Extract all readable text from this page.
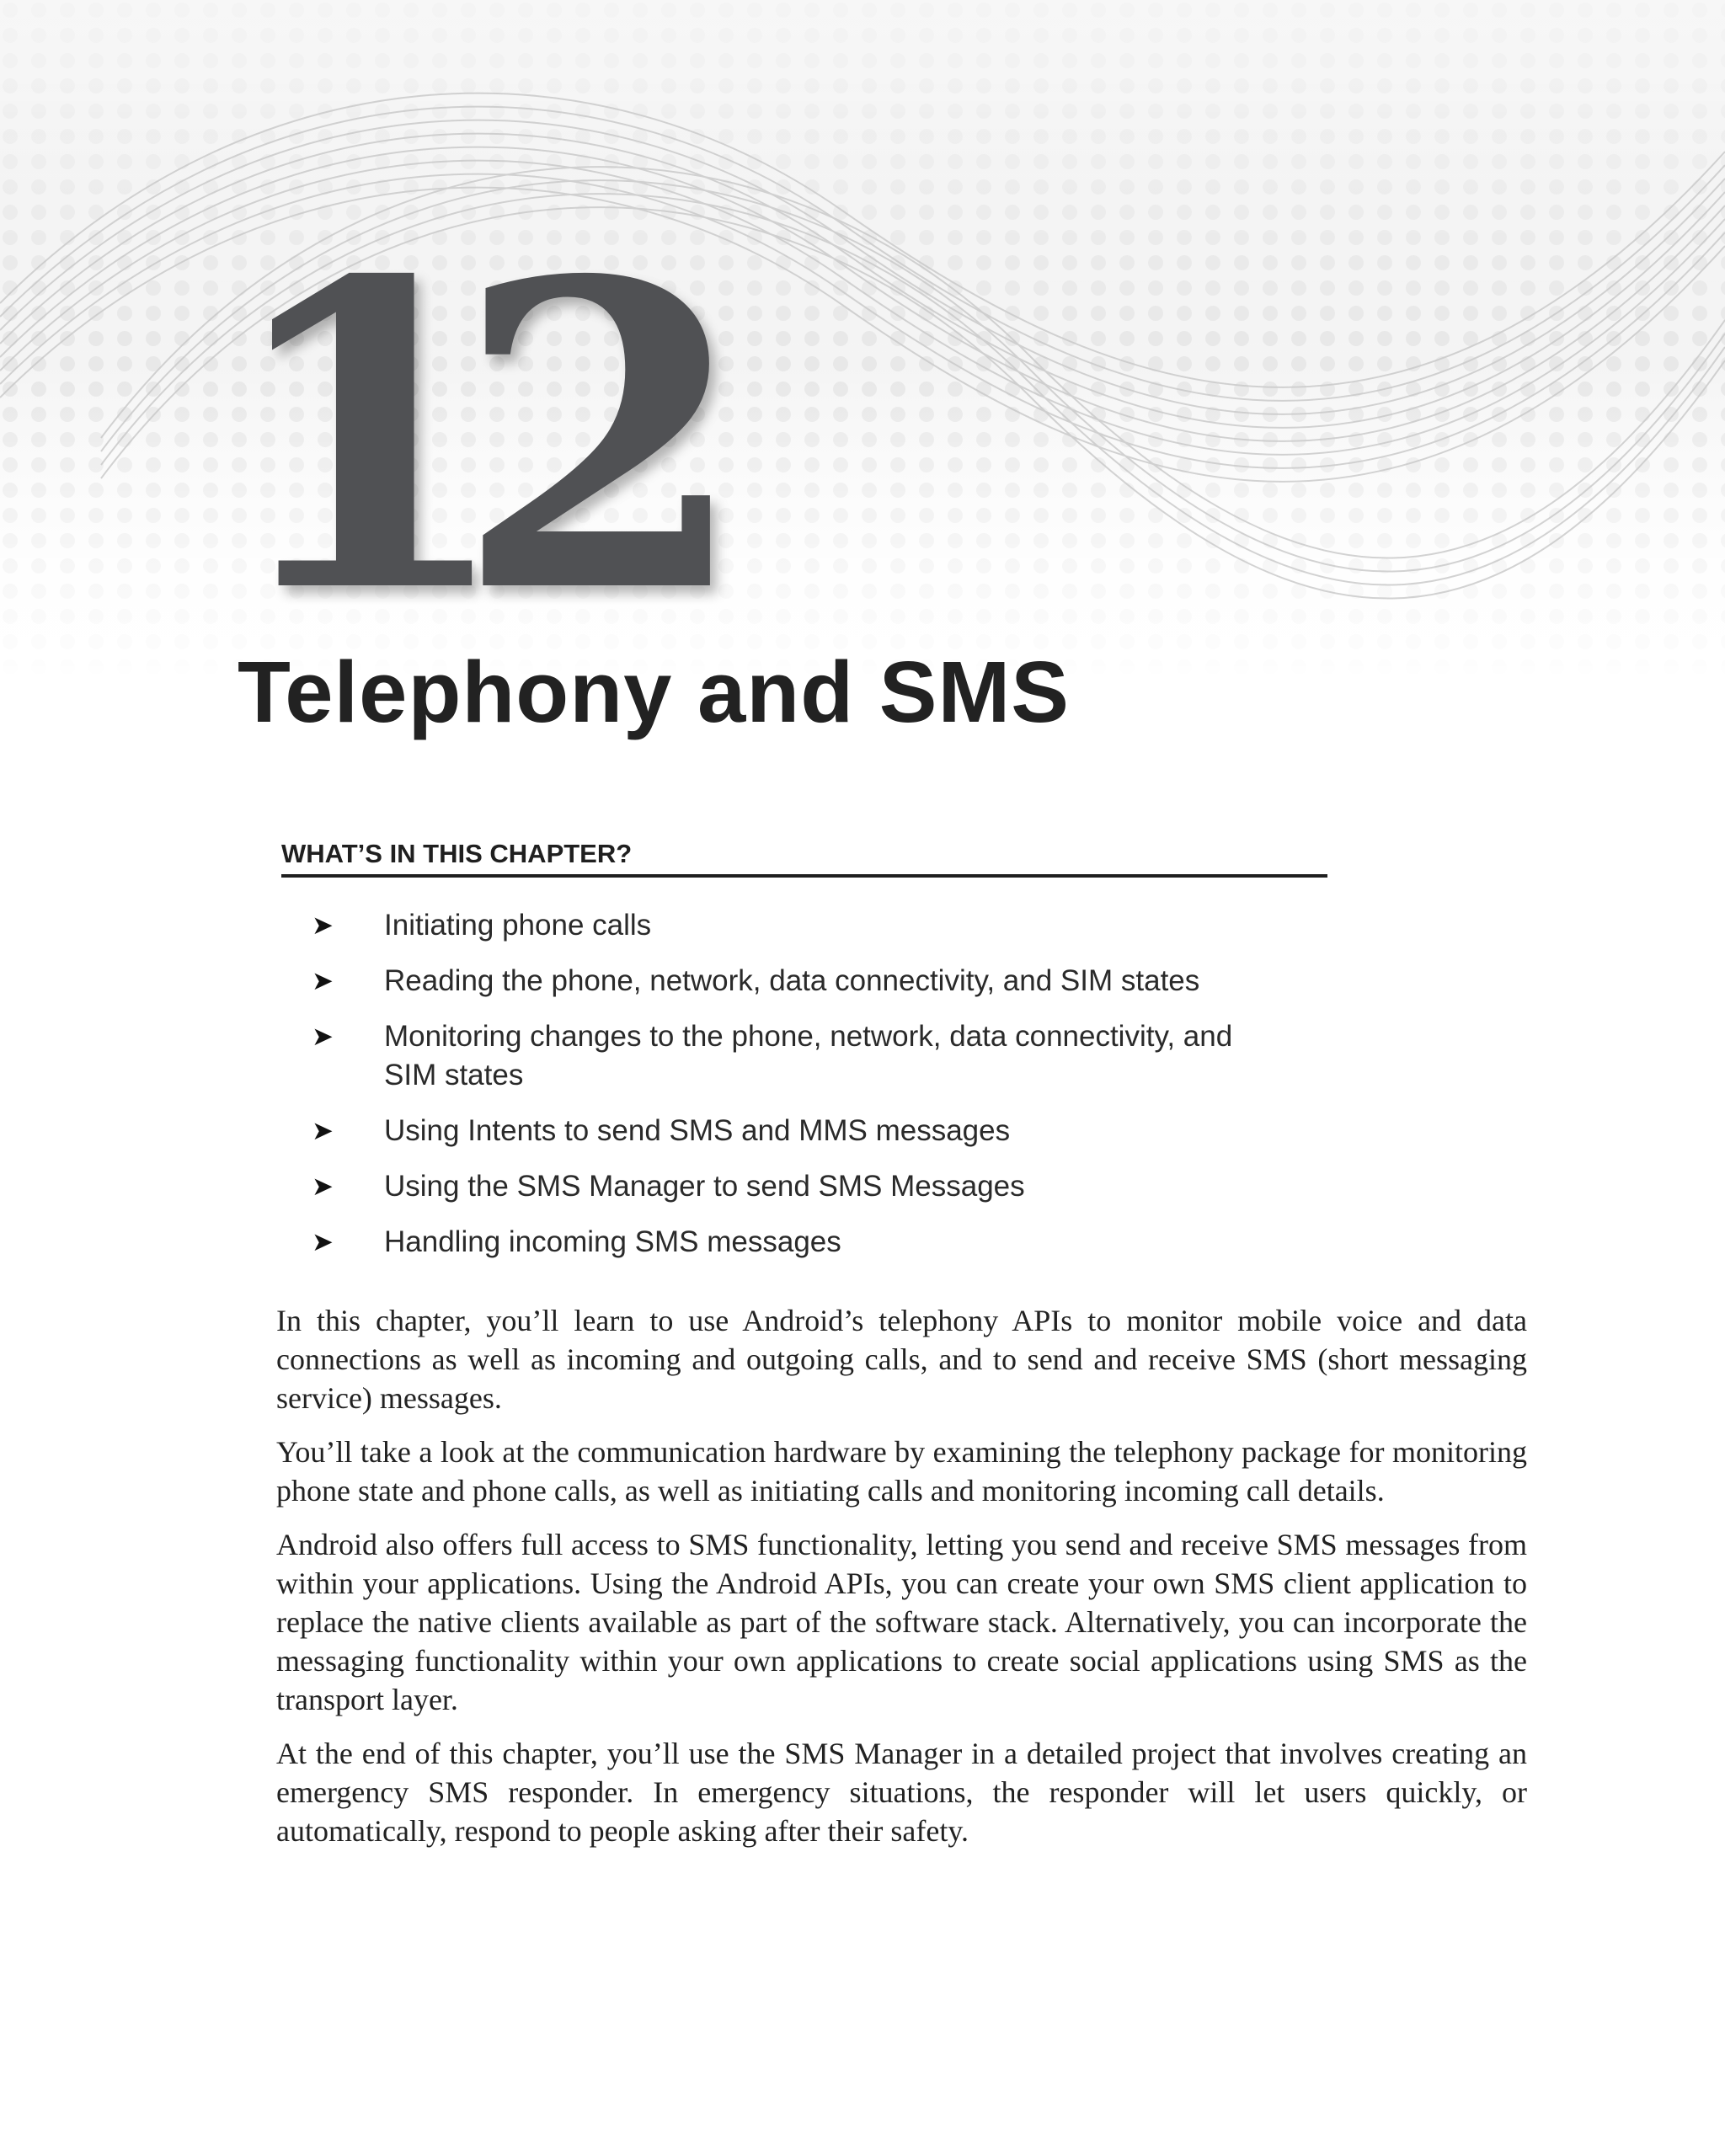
12
Telephony and SMS
WHAT’S IN THIS CHAPTER?
➤	Initiating phone calls
➤	Reading the phone, network, data connectivity, and SIM states
➤	Monitoring changes to the phone, network, data connectivity, and SIM states
➤	Using Intents to send SMS and MMS messages
➤	Using the SMS Manager to send SMS Messages
➤	Handling incoming SMS messages

In this chapter, you’ll learn to use Android’s telephony APIs to monitor mobile voice and data connections as well as incoming and outgoing calls, and to send and receive SMS (short messaging service) messages.

You’ll take a look at the communication hardware by examining the telephony package for monitoring phone state and phone calls, as well as initiating calls and monitoring incoming call details.

Android also offers full access to SMS functionality, letting you send and receive SMS messages from within your applications. Using the Android APIs, you can create your own SMS client application to replace the native clients available as part of the software stack. Alternatively, you can incorporate the messaging functionality within your own applications to create social applications using SMS as the transport layer.

At the end of this chapter, you’ll use the SMS Manager in a detailed project that involves creating an emergency SMS responder. In emergency situations, the responder will let users quickly, or automatically, respond to people asking after their safety.
